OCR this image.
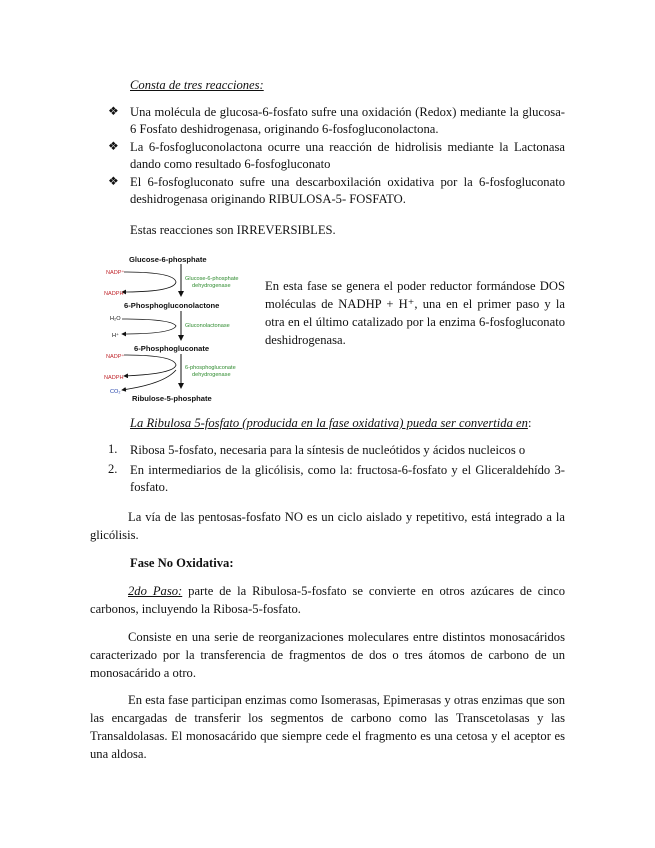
Consta de tres reacciones:

❖ Una molécula de glucosa-6-fosfato sufre una oxidación (Redox) mediante la glucosa-6 Fosfato deshidrogenasa, originando 6-fosfogluconolactona.
❖ La 6-fosfogluconolactona ocurre una reacción de hidrolisis mediante la Lactonasa dando como resultado 6-fosfogluconato
❖ El 6-fosfogluconato sufre una descarboxilación oxidativa por la 6-fosfogluconato deshidrogenasa originando RIBULOSA-5- FOSFATO.

Estas reacciones son IRREVERSIBLES.

Glucose-6-phosphate
6-Phosphogluconolactone
6-Phosphogluconate
Ribulose-5-phosphate
Glucose-6-phosphate
dehydrogenase
Gluconolactonase
6-phosphogluconate
dehydrogenase
NADP⁺
NADPH
H₂O
H⁺
NADP⁺
NADPH
CO₂

En esta fase se genera el poder reductor formándose DOS moléculas de NADHP + H⁺, una en el primer paso y la otra en el último catalizado por la enzima 6-fosfogluconato deshidrogenasa.

La Ribulosa 5-fosfato (producida en la fase oxidativa) pueda ser convertida en:

1. Ribosa 5-fosfato, necesaria para la síntesis de nucleótidos y ácidos nucleicos o
2. En intermediarios de la glicólisis, como la: fructosa-6-fosfato y el Gliceraldehído 3-fosfato.

La vía de las pentosas-fosfato NO es un ciclo aislado y repetitivo, está integrado a la glicólisis.

Fase No Oxidativa:

2do Paso: parte de la Ribulosa-5-fosfato se convierte en otros azúcares de cinco carbonos, incluyendo la Ribosa-5-fosfato.

Consiste en una serie de reorganizaciones moleculares entre distintos monosacáridos caracterizado por la transferencia de fragmentos de dos o tres átomos de carbono de un monosacárido a otro.

En esta fase participan enzimas como Isomerasas, Epimerasas y otras enzimas que son las encargadas de transferir los segmentos de carbono como las Transcetolasas y las Transaldolasas. El monosacárido que siempre cede el fragmento es una cetosa y el aceptor es una aldosa.
